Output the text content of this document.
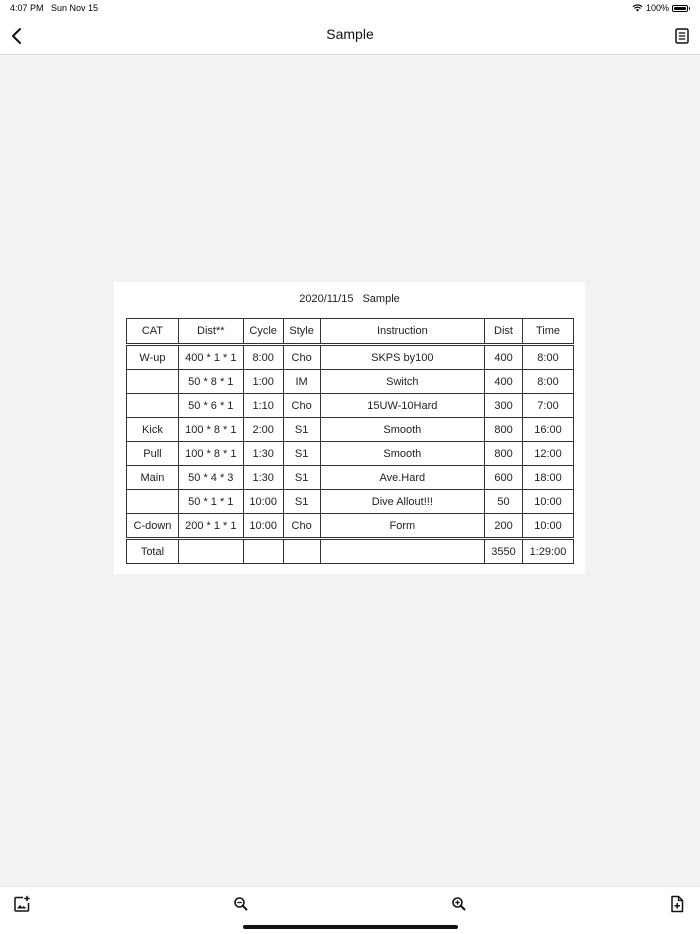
4:07 PM Sun Nov 15	100%
Sample
2020/11/15 Sample
CAT	Dist**	Cycle	Style	Instruction	Dist	Time
W-up	400 * 1 * 1	8:00	Cho	SKPS by100	400	8:00
	50 * 8 * 1	1:00	IM	Switch	400	8:00
	50 * 6 * 1	1:10	Cho	15UW-10Hard	300	7:00
Kick	100 * 8 * 1	2:00	S1	Smooth	800	16:00
Pull	100 * 8 * 1	1:30	S1	Smooth	800	12:00
Main	50 * 4 * 3	1:30	S1	Ave.Hard	600	18:00
	50 * 1 * 1	10:00	S1	Dive Allout!!!	50	10:00
C-down	200 * 1 * 1	10:00	Cho	Form	200	10:00
Total					3550	1:29:00
